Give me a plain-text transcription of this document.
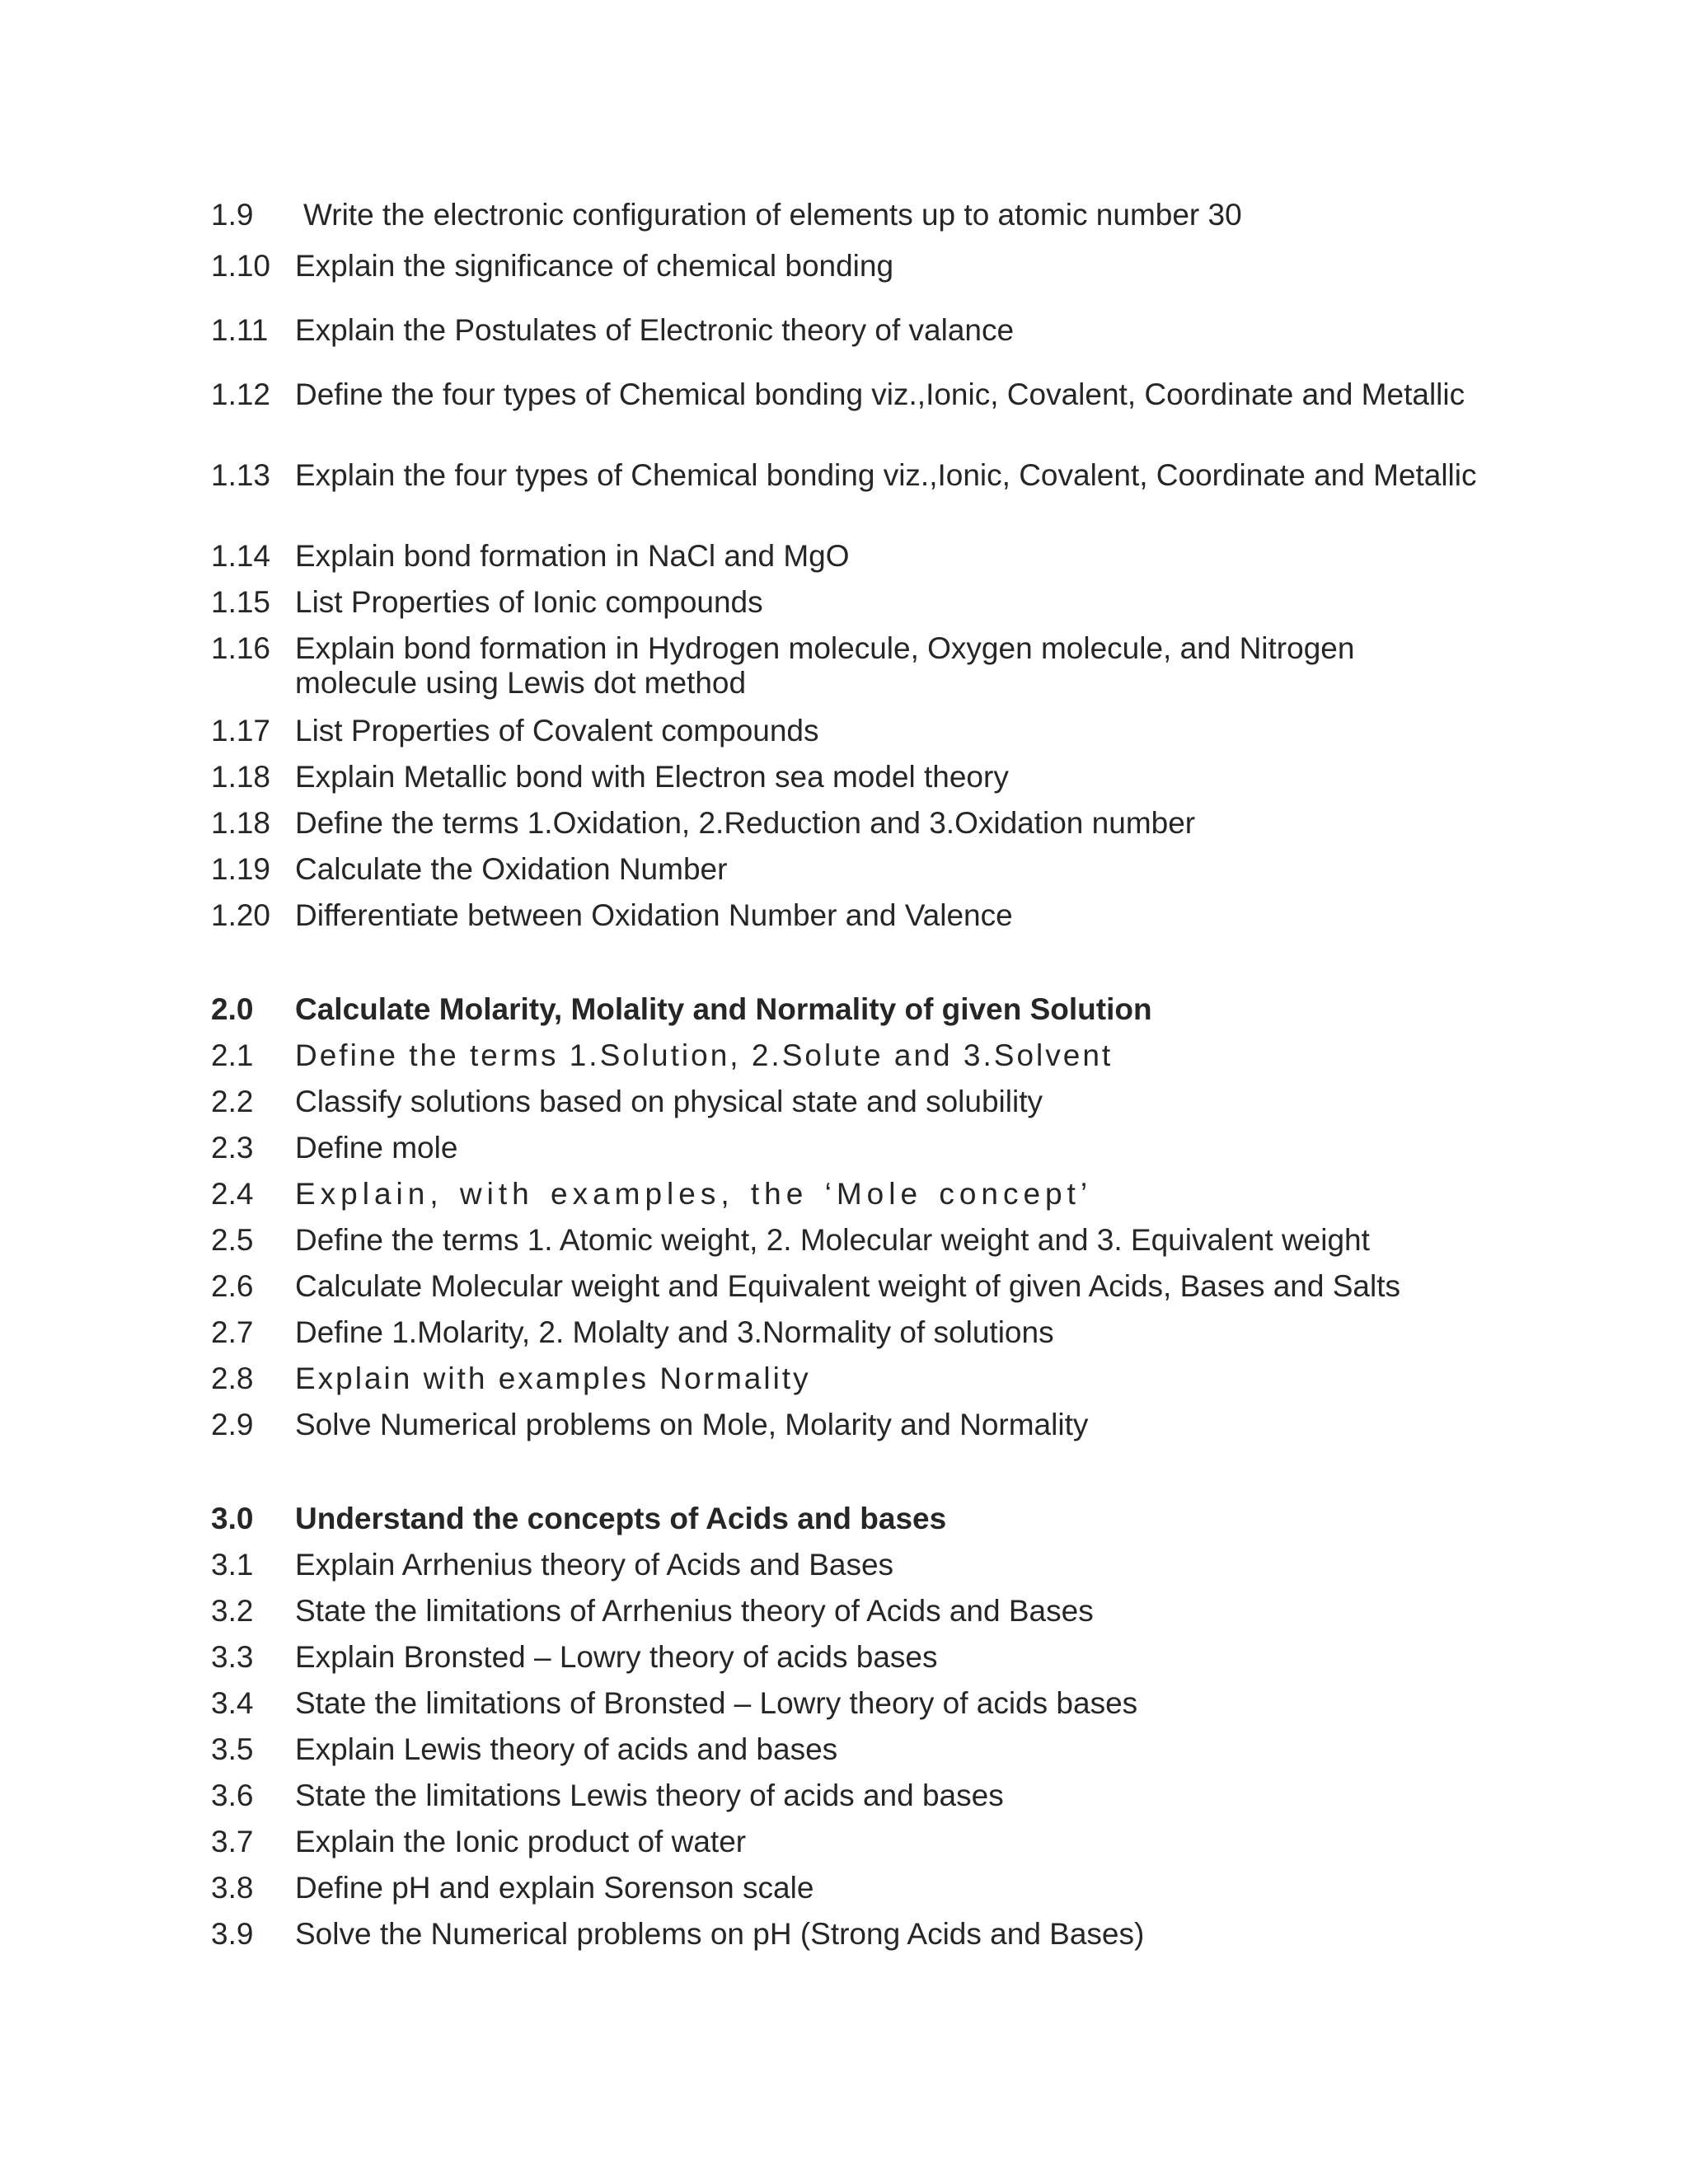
1.9	Write the electronic configuration of elements up to atomic number 30
1.10 Explain the significance of chemical bonding
1.11 Explain the Postulates of Electronic theory of valance
1.12 Define the four types of Chemical bonding viz.,Ionic, Covalent, Coordinate and Metallic
1.13 Explain the four types of Chemical bonding viz.,Ionic, Covalent, Coordinate and Metallic
1.14 Explain bond formation in NaCl and MgO
1.15 List Properties of Ionic compounds
1.16 Explain bond formation in Hydrogen molecule, Oxygen molecule, and Nitrogen molecule using Lewis dot method
1.17 List Properties of Covalent compounds
1.18 Explain Metallic bond with Electron sea model theory
1.18 Define the terms 1.Oxidation, 2.Reduction and 3.Oxidation number
1.19 Calculate the Oxidation Number
1.20 Differentiate between Oxidation Number and Valence
2.0	Calculate Molarity, Molality and Normality of given Solution
2.1	Define the terms 1.Solution, 2.Solute and 3.Solvent
2.2	Classify solutions based on physical state and solubility
2.3	Define mole
2.4	Explain, with examples, the ‘Mole concept’
2.5	Define the terms 1. Atomic weight, 2. Molecular weight and 3. Equivalent weight
2.6	Calculate Molecular weight and Equivalent weight of given Acids, Bases and Salts
2.7	Define 1.Molarity, 2. Molalty and 3.Normality of solutions
2.8	Explain with examples Normality
2.9	Solve Numerical problems on Mole, Molarity and Normality
3.0	Understand the concepts of Acids and bases
3.1	Explain Arrhenius theory of Acids and Bases
3.2	State the limitations of Arrhenius theory of Acids and Bases
3.3	Explain Bronsted – Lowry theory of acids bases
3.4	State the limitations of Bronsted – Lowry theory of acids bases
3.5	Explain Lewis theory of acids and bases
3.6	State the limitations Lewis theory of acids and bases
3.7	Explain the Ionic product of water
3.8	Define pH and explain Sorenson scale
3.9	Solve the Numerical problems on pH (Strong Acids and Bases)
